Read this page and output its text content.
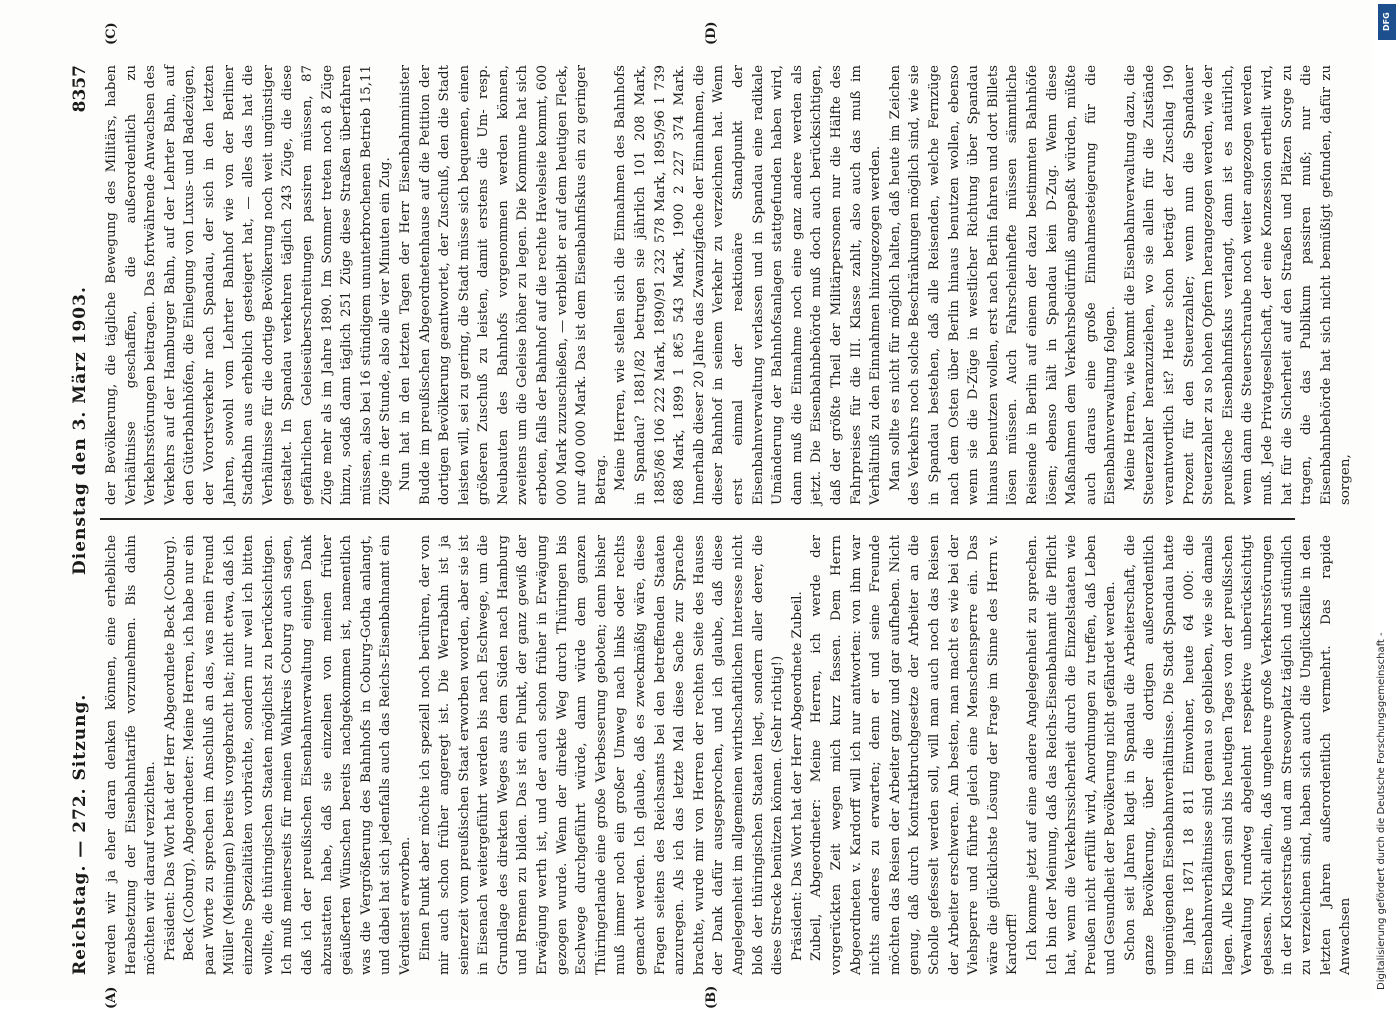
Reichstag. — 272. Sitzung.
Dienstag den 3. März 1903.
8357
(A)	(B)
(C)	(D)

werden wir ja eher daran denken können, eine erhebliche Herabsetzung der Eisenbahntarife vorzunehmen. Bis dahin möchten wir darauf verzichten. Präsident: Das Wort hat der Herr Abgeordnete Beck (Coburg). Beck (Coburg), Abgeordneter: Meine Herren, ich habe nur ein paar Worte zu sprechen im Anschluß an das, was mein Freund Müller (Meiningen) bereits vorgebracht hat; nicht etwa, daß ich einzelne Spezialitäten vorbrächte, sondern nur weil ich bitten wollte, die thüringischen Staaten möglichst zu berücksichtigen. Ich muß meinerseits für meinen Wahlkreis Coburg auch sagen, daß ich der preußischen Eisenbahnverwaltung einigen Dank abzustatten habe, daß sie einzelnen von meinen früher geäußerten Wünschen bereits nachgekommen ist, namentlich was die Vergrößerung des Bahnhofs in Coburg-Gotha anlangt, und dabei hat sich jedenfalls auch das Reichs-Eisenbahnamt ein Verdienst erworben. Einen Punkt aber möchte ich speziell noch berühren, der von mir auch schon früher angeregt ist. Die Werrabahn ist ja seinerzeit vom preußischen Staat erworben worden, aber sie ist in Eisenach weitergeführt werden bis nach Eschwege, um die Grundlage des direkten Weges aus dem Süden nach Hamburg und Bremen zu bilden. Das ist ein Punkt, der ganz gewiß der Erwägung werth ist, und der auch schon früher in Erwägung gezogen wurde. Wenn der direkte Weg durch Thüringen bis Eschwege durchgeführt würde, dann würde dem ganzen Thüringerlande eine große Verbesserung geboten; denn bisher muß immer noch ein großer Umweg nach links oder rechts gemacht werden. Ich glaube, daß es zweckmäßig wäre, diese Fragen seitens des Reichsamts bei den betreffenden Staaten anzuregen. Als ich das letzte Mal diese Sache zur Sprache brachte, wurde mir von Herren der rechten Seite des Hauses der Dank dafür ausgesprochen, und ich glaube, daß diese Angelegenheit im allgemeinen wirthschaftlichen Interesse nicht bloß der thüringischen Staaten liegt, sondern aller derer, die diese Strecke benützen können. (Sehr richtig!) Präsident: Das Wort hat der Herr Abgeordnete Zubeil. Zubeil, Abgeordneter: Meine Herren, ich werde der vorgerückten Zeit wegen mich kurz fassen. Dem Herrn Abgeordneten v. Kardorff will ich nur antworten: von ihm war nichts anderes zu erwarten; denn er und seine Freunde möchten das Reisen der Arbeiter ganz und gar aufheben. Nicht genug, daß durch Kontraktbruchgesetze der Arbeiter an die Scholle gefesselt werden soll, will man auch noch das Reisen der Arbeiter erschweren. Am besten, man macht es wie bei der Viehsperre und führte gleich eine Menschensperre ein. Das wäre die glücklichste Lösung der Frage im Sinne des Herrn v. Kardorff! Ich komme jetzt auf eine andere Angelegenheit zu sprechen. Ich bin der Meinung, daß das Reichs-Eisenbahnamt die Pflicht hat, wenn die Verkehrssicherheit durch die Einzelstaaten wie Preußen nicht erfüllt wird, Anordnungen zu treffen, daß Leben und Gesundheit der Bevölkerung nicht gefährdet werden. Schon seit Jahren klagt in Spandau die Arbeiterschaft, die ganze Bevölkerung, über die dortigen außerordentlich ungenügenden Eisenbahnverhältnisse. Die Stadt Spandau hatte im Jahre 1871 18 811 Einwohner, heute 64 000: die Eisenbahnverhältnisse sind genau so geblieben, wie sie damals lagen. Alle Klagen sind bis heutigen Tages von der preußischen Verwaltung rundweg abgelehnt respektive unberücksichtigt gelassen. Nicht allein, daß ungeheure große Verkehrsstörungen in der Klosterstraße und am Stresowplatz täglich und stündlich zu verzeichnen sind, haben sich auch die Unglücksfälle in den letzten Jahren außerordentlich vermehrt. Das rapide Anwachsen

der Bevölkerung, die tägliche Bewegung des Militärs, haben Verhältnisse geschaffen, die außerordentlich zu Verkehrsstörungen beitragen. Das fortwährende Anwachsen des Verkehrs auf der Hamburger Bahn, auf der Lehrter Bahn, auf den Güterbahnhöfen, die Einlegung von Luxus- und Badezügen, der Vorortsverkehr nach Spandau, der sich in den letzten Jahren, sowohl vom Lehrter Bahnhof wie von der Berliner Stadtbahn aus erheblich gesteigert hat, — alles das hat die Verhältnisse für die dortige Bevölkerung noch weit ungünstiger gestaltet. In Spandau verkehren täglich 243 Züge, die diese gefährlichen Geleiseüberschreitungen passiren müssen, 87 Züge mehr als im Jahre 1890. Im Sommer treten noch 8 Züge hinzu, sodaß dann täglich 251 Züge diese Straßen überfahren müssen, also bei 16 stündigem ununterbrochenen Betrieb 15,11 Züge in der Stunde, also alle vier Minuten ein Zug. Nun hat in den letzten Tagen der Herr Eisenbahnminister Budde im preußischen Abgeordnetenhause auf die Petition der dortigen Bevölkerung geantwortet, der Zuschuß, den die Stadt leisten will, sei zu gering, die Stadt müsse sich bequemen, einen größeren Zuschuß zu leisten, damit erstens die Um- resp. Neubauten des Bahnhofs vorgenommen werden können, zweitens um die Geleise höher zu legen. Die Kommune hat sich erboten, falls der Bahnhof auf die rechte Havelseite kommt, 600 000 Mark zuzuschießen, — verbleibt er auf dem heutigen Fleck, nur 400 000 Mark. Das ist dem Eisenbahnfiskus ein zu geringer Betrag. Meine Herren, wie stellen sich die Einnahmen des Bahnhofs in Spandau? 1881/82 betrugen sie jährlich 101 208 Mark, 1885/86 106 222 Mark, 1890/91 232 578 Mark, 1895/96 1 739 688 Mark, 1899 1 8€5 543 Mark, 1900 2 227 374 Mark. Innerhalb dieser 20 Jahre das Zwanzigfache der Einnahmen, die dieser Bahnhof in seinem Verkehr zu verzeichnen hat. Wenn erst einmal der reaktionäre Standpunkt der Eisenbahnverwaltung verlassen und in Spandau eine radikale Umänderung der Bahnhofsanlagen stattgefunden haben wird, dann muß die Einnahme noch eine ganz andere werden als jetzt. Die Eisenbahnbehörde muß doch auch berücksichtigen, daß der größte Theil der Militärpersonen nur die Hälfte des Fahrpreises für die III. Klasse zahlt, also auch das muß im Verhältniß zu den Einnahmen hinzugezogen werden. Man sollte es nicht für möglich halten, daß heute im Zeichen des Verkehrs noch solche Beschränkungen möglich sind, wie sie in Spandau bestehen, daß alle Reisenden, welche Fernzüge nach dem Osten über Berlin hinaus benutzen wollen, ebenso wenn sie die D-Züge in westlicher Richtung über Spandau hinaus benutzen wollen, erst nach Berlin fahren und dort Billets lösen müssen. Auch Fahrscheinhefte müssen sämmtliche Reisende in Berlin auf einem der dazu bestimmten Bahnhöfe lösen; ebenso hält in Spandau kein D-Zug. Wenn diese Maßnahmen dem Verkehrsbedürfniß angepaßt würden, müßte auch daraus eine große Einnahmesteigerung für die Eisenbahnverwaltung folgen. Meine Herren, wie kommt die Eisenbahnverwaltung dazu, die Steuerzahler heranzuziehen, wo sie allein für die Zustände verantwortlich ist? Heute schon beträgt der Zuschlag 190 Prozent für den Steuerzahler; wenn nun die Spandauer Steuerzahler zu so hohen Opfern herangezogen werden, wie der preußische Eisenbahnfiskus verlangt, dann ist es natürlich, wenn dann die Steuerschraube noch weiter angezogen werden muß. Jede Privatgesellschaft, der eine Konzession ertheilt wird, hat für die Sicherheit auf den Straßen und Plätzen Sorge zu tragen, die das Publikum passiren muß; nur die Eisenbahnbehörde hat sich nicht bemüßigt gefunden, dafür zu sorgen,

Digitalisierung gefördert durch die Deutsche Forschungsgemeinschaft -
DFG
